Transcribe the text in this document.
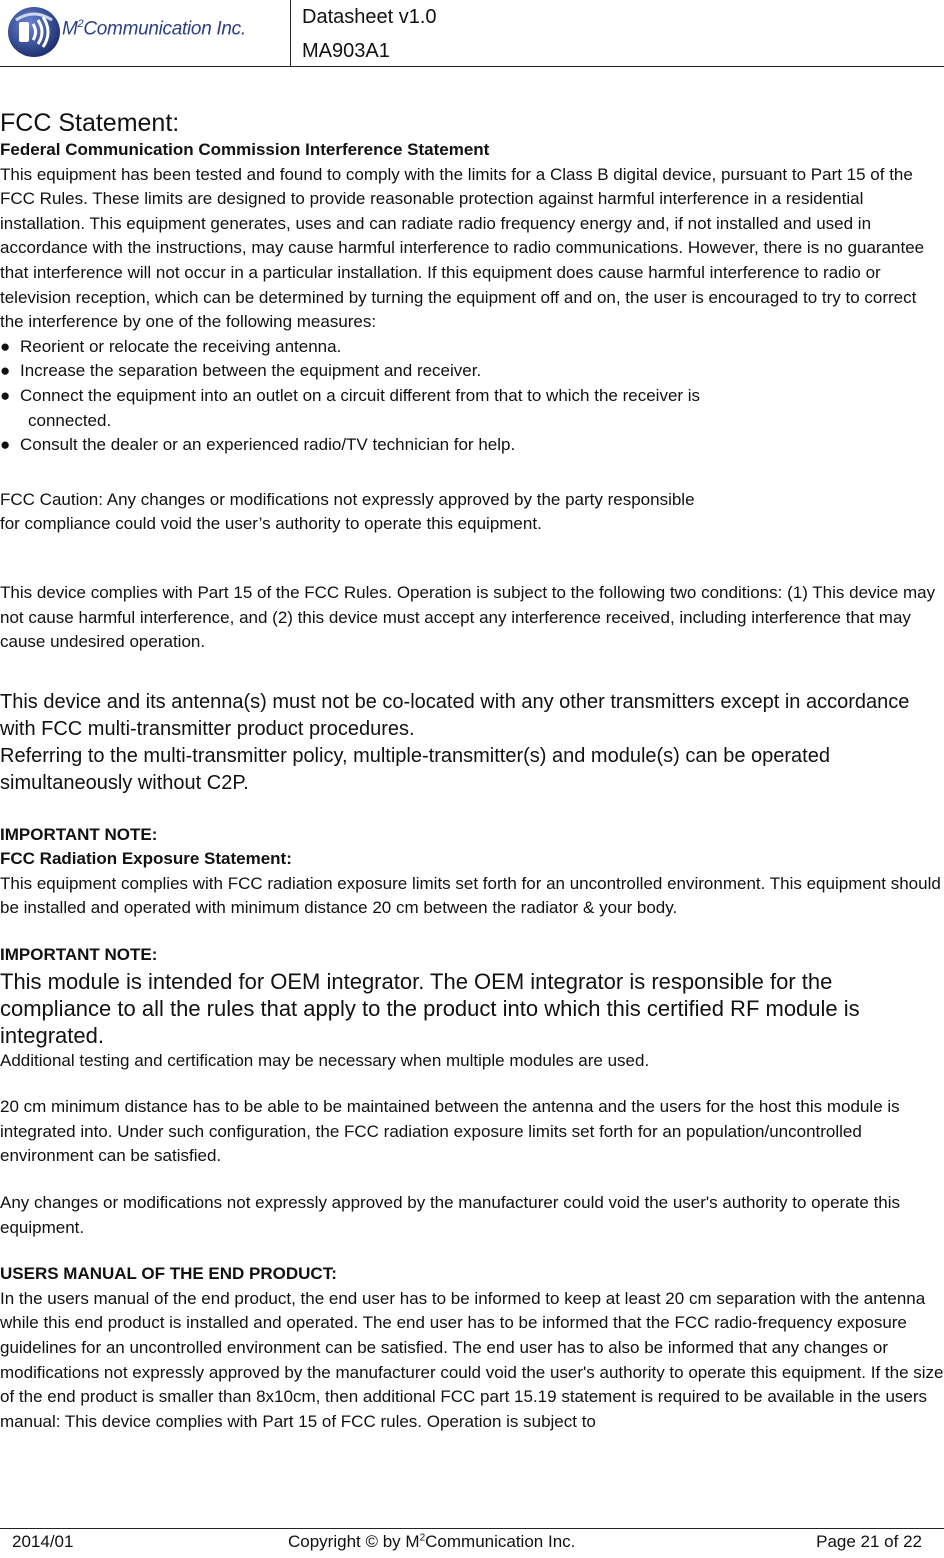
$M^2Communication$ Inc.
Datasheet v1.0
MA903A1

FCC Statement:

Federal Communication Commission Interference Statement

This equipment has been tested and found to comply with the limits for a Class B digital device, pursuant to Part 15 of the FCC Rules. These limits are designed to provide reasonable protection against harmful interference in a residential installation. This equipment generates, uses and can radiate radio frequency energy and, if not installed and used in accordance with the instructions, may cause harmful interference to radio communications. However, there is no guarantee that interference will not occur in a particular installation. If this equipment does cause harmful interference to radio or television reception, which can be determined by turning the equipment off and on, the user is encouraged to try to correct the interference by one of the following measures:

● Reorient or relocate the receiving antenna.
● Increase the separation between the equipment and receiver.
● Connect the equipment into an outlet on a circuit different from that to which the receiver is
connected.
● Consult the dealer or an experienced radio/TV technician for help.

FCC Caution: Any changes or modifications not expressly approved by the party responsible

for compliance could void the user’s authority to operate this equipment.

This device complies with Part 15 of the FCC Rules. Operation is subject to the following two conditions: (1) This device may not cause harmful interference, and (2) this device must accept any interference received, including interference that may cause undesired operation.

This device and its antenna(s) must not be co-located with any other transmitters except in accordance with FCC multi-transmitter product procedures.

Referring to the multi-transmitter policy, multiple-transmitter(s) and module(s) can be operated simultaneously without C2P.

IMPORTANT NOTE:

FCC Radiation Exposure Statement:

This equipment complies with FCC radiation exposure limits set forth for an uncontrolled environment. This equipment should be installed and operated with minimum distance 20 cm between the radiator & your body.

IMPORTANT NOTE:

This module is intended for OEM integrator. The OEM integrator is responsible for the compliance to all the rules that apply to the product into which this certified RF module is integrated.

Additional testing and certification may be necessary when multiple modules are used.

20 cm minimum distance has to be able to be maintained between the antenna and the users for the host this module is integrated into. Under such configuration, the FCC radiation exposure limits set forth for an population/uncontrolled environment can be satisfied.

Any changes or modifications not expressly approved by the manufacturer could void the user's authority to operate this equipment.

USERS MANUAL OF THE END PRODUCT:

In the users manual of the end product, the end user has to be informed to keep at least 20 cm separation with the antenna while this end product is installed and operated. The end user has to be informed that the FCC radio-frequency exposure guidelines for an uncontrolled environment can be satisfied. The end user has to also be informed that any changes or modifications not expressly approved by the manufacturer could void the user's authority to operate this equipment. If the size of the end product is smaller than 8x10cm, then additional FCC part 15.19 statement is required to be available in the users manual: This device complies with Part 15 of FCC rules. Operation is subject to

2014/01	Copyright © by $M^2Communication$ Inc.	Page 21 of 22
